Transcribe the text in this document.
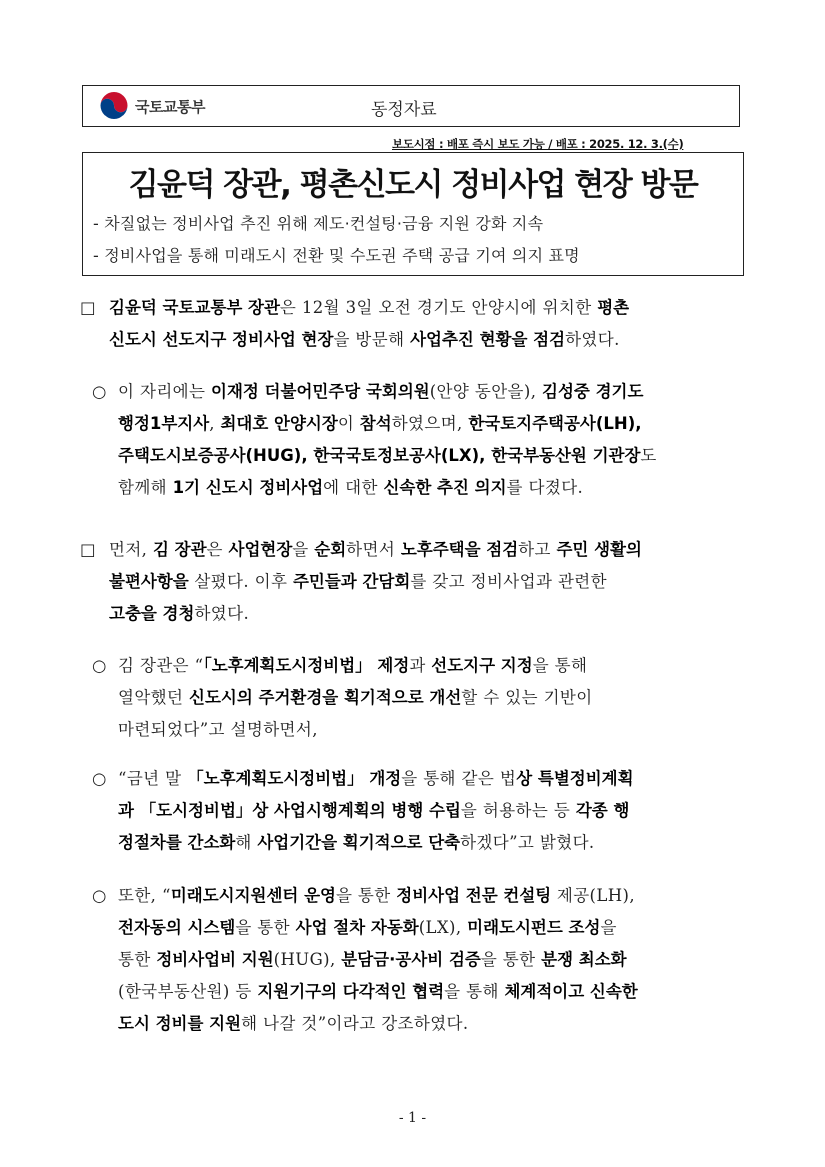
국토교통부	동정자료
보도시점 : 배포 즉시 보도 가능 / 배포 : 2025. 12. 3.(수)
김윤덕 장관, 평촌신도시 정비사업 현장 방문
- 차질없는 정비사업 추진 위해 제도·컨설팅·금융 지원 강화 지속
- 정비사업을 통해 미래도시 전환 및 수도권 주택 공급 기여 의지 표명
□ 김윤덕 국토교통부 장관은 12월 3일 오전 경기도 안양시에 위치한 평촌
신도시 선도지구 정비사업 현장을 방문해 사업추진 현황을 점검하였다.
○ 이 자리에는 이재정 더불어민주당 국회의원(안양 동안을), 김성중 경기도
행정1부지사, 최대호 안양시장이 참석하였으며, 한국토지주택공사(LH),
주택도시보증공사(HUG), 한국국토정보공사(LX), 한국부동산원 기관장도
함께해 1기 신도시 정비사업에 대한 신속한 추진 의지를 다졌다.
□ 먼저, 김 장관은 사업현장을 순회하면서 노후주택을 점검하고 주민 생활의
불편사항을 살폈다. 이후 주민들과 간담회를 갖고 정비사업과 관련한
고충을 경청하였다.
○ 김 장관은 “「노후계획도시정비법」 제정과 선도지구 지정을 통해
열악했던 신도시의 주거환경을 획기적으로 개선할 수 있는 기반이
마련되었다”고 설명하면서,
○ “금년 말 「노후계획도시정비법」 개정을 통해 같은 법상 특별정비계획
과 「도시정비법」상 사업시행계획의 병행 수립을 허용하는 등 각종 행
정절차를 간소화해 사업기간을 획기적으로 단축하겠다”고 밝혔다.
○ 또한, “미래도시지원센터 운영을 통한 정비사업 전문 컨설팅 제공(LH),
전자동의 시스템을 통한 사업 절차 자동화(LX), 미래도시펀드 조성을
통한 정비사업비 지원(HUG), 분담금·공사비 검증을 통한 분쟁 최소화
(한국부동산원) 등 지원기구의 다각적인 협력을 통해 체계적이고 신속한
도시 정비를 지원해 나갈 것”이라고 강조하였다.
- 1 -
